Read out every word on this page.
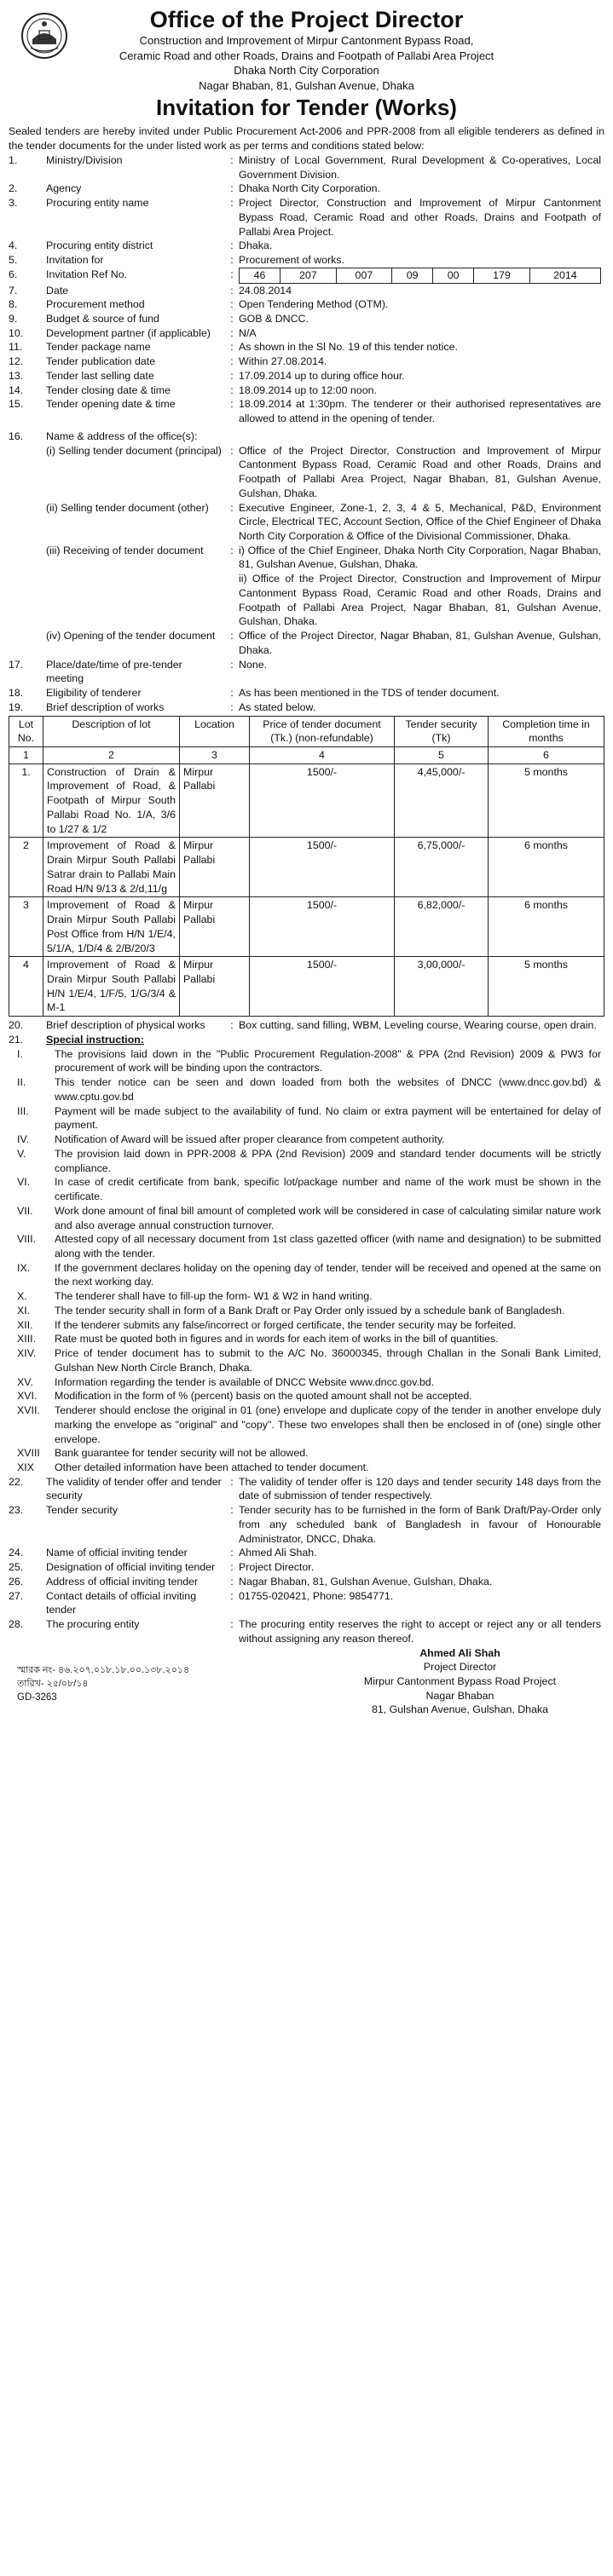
Office of the Project Director
Construction and Improvement of Mirpur Cantonment Bypass Road,
Ceramic Road and other Roads, Drains and Footpath of Pallabi Area Project
Dhaka North City Corporation
Nagar Bhaban, 81, Gulshan Avenue, Dhaka
Invitation for Tender (Works)

Sealed tenders are hereby invited under Public Procurement Act-2006 and PPR-2008 from all eligible tenderers as defined in the tender documents for the under listed work as per terms and conditions stated below:

1.	Ministry/Division	: Ministry of Local Government, Rural Development & Co-operatives, Local Government Division.
2.	Agency	: Dhaka North City Corporation.
3.	Procuring entity name	: Project Director, Construction and Improvement of Mirpur Cantonment Bypass Road, Ceramic Road and other Roads, Drains and Footpath of Pallabi Area Project.
4.	Procuring entity district	: Dhaka.
5.	Invitation for	: Procurement of works.
6.	Invitation Ref No.	:	46	207	007	09	00	179	2014
7.	Date	: 24.08.2014
8.	Procurement method	: Open Tendering Method (OTM).
9.	Budget & source of fund	: GOB & DNCC.
10.	Development partner (if applicable)	: N/A
11.	Tender package name	: As shown in the Sl No. 19 of this tender notice.
12.	Tender publication date	: Within 27.08.2014.
13.	Tender last selling date	: 17.09.2014 up to during office hour.
14.	Tender closing date & time	: 18.09.2014 up to 12:00 noon.
15.	Tender opening date & time	: 18.09.2014 at 1:30pm. The tenderer or their authorised representatives are allowed to attend in the opening of tender.
16.	Name & address of the office(s):
(i) Selling tender document (principal) : Office of the Project Director, Construction and Improvement of Mirpur Cantonment Bypass Road, Ceramic Road and other Roads, Drains and Footpath of Pallabi Area Project, Nagar Bhaban, 81, Gulshan Avenue, Gulshan, Dhaka.
(ii) Selling tender document (other)	: Executive Engineer, Zone-1, 2, 3, 4 & 5, Mechanical, P&D, Environment Circle, Electrical TEC, Account Section, Office of the Chief Engineer of Dhaka North City Corporation & Office of the Divisional Commissioner, Dhaka.
(iii) Receiving of tender document	: i) Office of the Chief Engineer, Dhaka North City Corporation, Nagar Bhaban, 81, Gulshan Avenue, Gulshan, Dhaka.
ii) Office of the Project Director, Construction and Improvement of Mirpur Cantonment Bypass Road, Ceramic Road and other Roads, Drains and Footpath of Pallabi Area Project, Nagar Bhaban, 81, Gulshan Avenue, Gulshan, Dhaka.
(iv) Opening of the tender document	: Office of the Project Director, Nagar Bhaban, 81, Gulshan Avenue, Gulshan, Dhaka.
17.	Place/date/time of pre-tender meeting
: None.
18.	Eligibility of tenderer	: As has been mentioned in the TDS of tender document.
19.	Brief description of works	: As stated below.
Lot No.	Description of lot	Location	Price of tender document (Tk.) (non-refundable)	Tender security (Tk)	Completion time in months
1	2	3	4	5	6
1.	Construction of Drain & Improvement of Road, & Footpath of Mirpur South Pallabi Road No. 1/A, 3/6 to 1/27 & 1/2	Mirpur Pallabi	1500/-	4,45,000/-	5 months
2	Improvement of Road & Drain Mirpur South Pallabi Satrar drain to Pallabi Main Road H/N 9/13 & 2/d,11/g	Mirpur Pallabi	1500/-	6,75,000/-	6 months
3	Improvement of Road & Drain Mirpur South Pallabi Post Office from H/N 1/E/4, 5/1/A, 1/D/4 & 2/B/20/3	Mirpur Pallabi	1500/-	6,82,000/-	6 months
4	Improvement of Road & Drain Mirpur South Pallabi H/N 1/E/4, 1/F/5, 1/G/3/4 & M-1	Mirpur Pallabi	1500/-	3,00,000/-	5 months
20.	Brief description of physical works	: Box cutting, sand filling, WBM, Leveling course, Wearing course, open drain.
21.	Special instruction:
I.	The provisions laid down in the "Public Procurement Regulation-2008" & PPA (2nd Revision) 2009 & PW3 for procurement of work will be binding upon the contractors.
II.	This tender notice can be seen and down loaded from both the websites of DNCC (www.dncc.gov.bd) & www.cptu.gov.bd
III.	Payment will be made subject to the availability of fund. No claim or extra payment will be entertained for delay of payment.
IV.	Notification of Award will be issued after proper clearance from competent authority.
V.	The provision laid down in PPR-2008 & PPA (2nd Revision) 2009 and standard tender documents will be strictly compliance.
VI.	In case of credit certificate from bank, specific lot/package number and name of the work must be shown in the certificate.
VII.	Work done amount of final bill amount of completed work will be considered in case of calculating similar nature work and also average annual construction turnover.
VIII.	Attested copy of all necessary document from 1st class gazetted officer (with name and designation) to be submitted along with the tender.
IX.	If the government declares holiday on the opening day of tender, tender will be received and opened at the same on the next working day.
X.	The tenderer shall have to fill-up the form- W1 & W2 in hand writing.
XI.	The tender security shall in form of a Bank Draft or Pay Order only issued by a schedule bank of Bangladesh.
XII.	If the tenderer submits any false/incorrect or forged certificate, the tender security may be forfeited.
XIII.	Rate must be quoted both in figures and in words for each item of works in the bill of quantities.
XIV.	Price of tender document has to submit to the A/C No. 36000345, through Challan in the Sonali Bank Limited, Gulshan New North Circle Branch, Dhaka.
XV.	Information regarding the tender is available of DNCC Website www.dncc.gov.bd.
XVI.	Modification in the form of % (percent) basis on the quoted amount shall not be accepted.
XVII.	Tenderer should enclose the original in 01 (one) envelope and duplicate copy of the tender in another envelope duly marking the envelope as "original" and "copy". These two envelopes shall then be enclosed in of (one) single other envelope.
XVIII	Bank guarantee for tender security will not be allowed.
XIX	Other detailed information have been attached to tender document.
22.	The validity of tender offer and tender security
: The validity of tender offer is 120 days and tender security 148 days from the date of submission of tender respectively.
23.	Tender security	: Tender security has to be furnished in the form of Bank Draft/Pay-Order only from any scheduled bank of Bangladesh in favour of Honourable Administrator, DNCC, Dhaka.
24.	Name of official inviting tender	: Ahmed Ali Shah.
25.	Designation of official inviting tender	: Project Director.
26.	Address of official inviting tender	: Nagar Bhaban, 81, Gulshan Avenue, Gulshan, Dhaka.
27.	Contact details of official inviting tender
: 01755-020421, Phone: 9854771.
28.	The procuring entity	: The procuring entity reserves the right to accept or reject any or all tenders without assigning any reason thereof.
Ahmed Ali Shah
Project Director
Mirpur Cantonment Bypass Road Project
Nagar Bhaban
81, Gulshan Avenue, Gulshan, Dhaka
স্মারক নং- ৪৬.২০৭.০১৮.১৮.০০.১৩৮.২০১৪
তারিখ- ২৫/০৮/১৪
GD-3263
